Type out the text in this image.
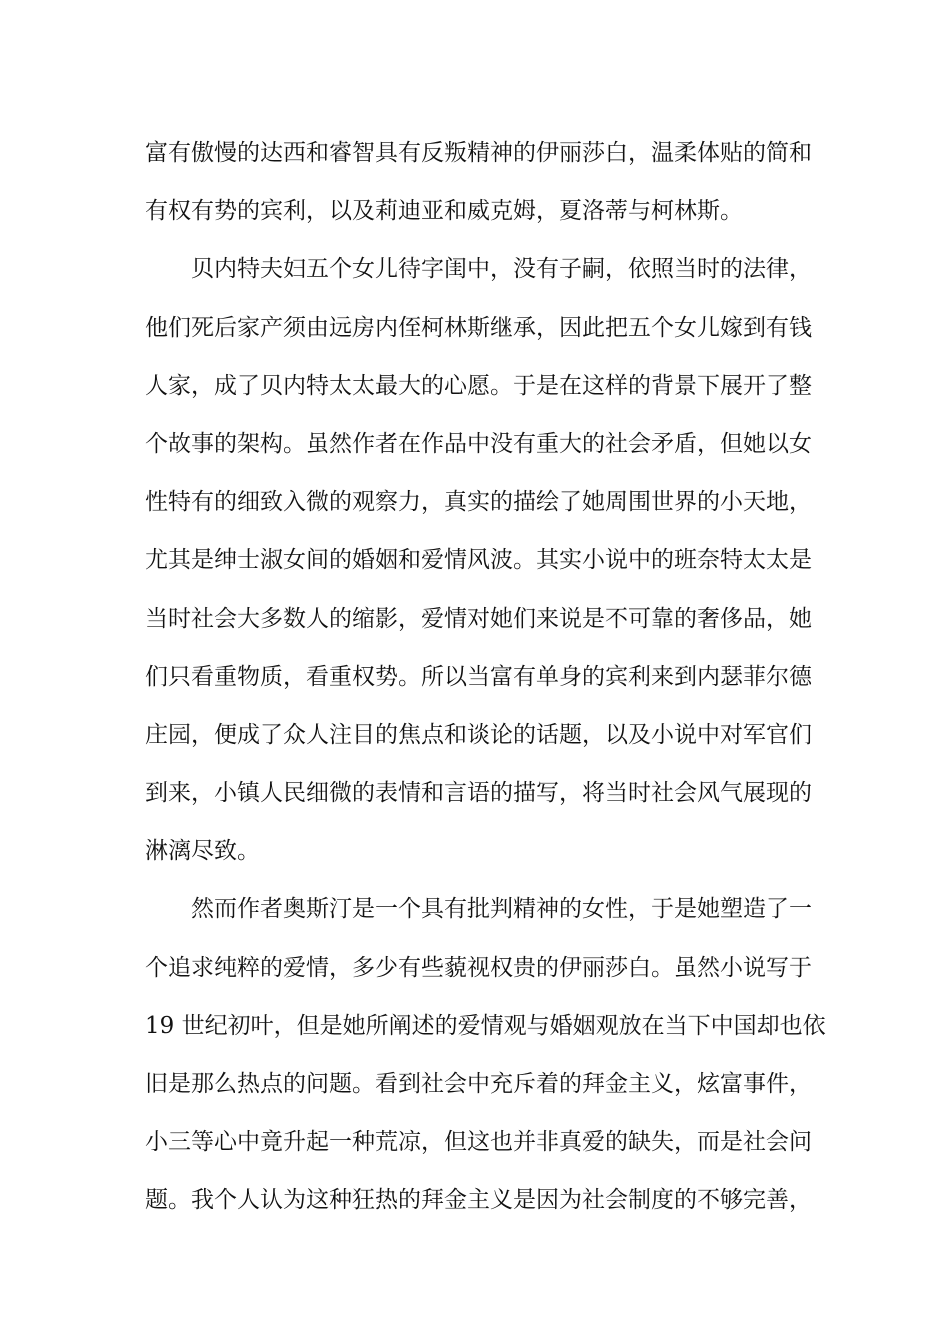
富有傲慢的达西和睿智具有反叛精神的伊丽莎白，温柔体贴的简和
有权有势的宾利，以及莉迪亚和威克姆，夏洛蒂与柯林斯。
贝内特夫妇五个女儿待字闺中，没有子嗣，依照当时的法律，
他们死后家产须由远房内侄柯林斯继承，因此把五个女儿嫁到有钱
人家，成了贝内特太太最大的心愿。于是在这样的背景下展开了整
个故事的架构。虽然作者在作品中没有重大的社会矛盾，但她以女
性特有的细致入微的观察力，真实的描绘了她周围世界的小天地，
尤其是绅士淑女间的婚姻和爱情风波。其实小说中的班奈特太太是
当时社会大多数人的缩影，爱情对她们来说是不可靠的奢侈品，她
们只看重物质，看重权势。所以当富有单身的宾利来到内瑟菲尔德
庄园，便成了众人注目的焦点和谈论的话题，以及小说中对军官们
到来，小镇人民细微的表情和言语的描写，将当时社会风气展现的
淋漓尽致。
然而作者奥斯汀是一个具有批判精神的女性，于是她塑造了一
个追求纯粹的爱情，多少有些藐视权贵的伊丽莎白。虽然小说写于
19 世纪初叶，但是她所阐述的爱情观与婚姻观放在当下中国却也依
旧是那么热点的问题。看到社会中充斥着的拜金主义，炫富事件，
小三等心中竟升起一种荒凉，但这也并非真爱的缺失，而是社会问
题。我个人认为这种狂热的拜金主义是因为社会制度的不够完善，
